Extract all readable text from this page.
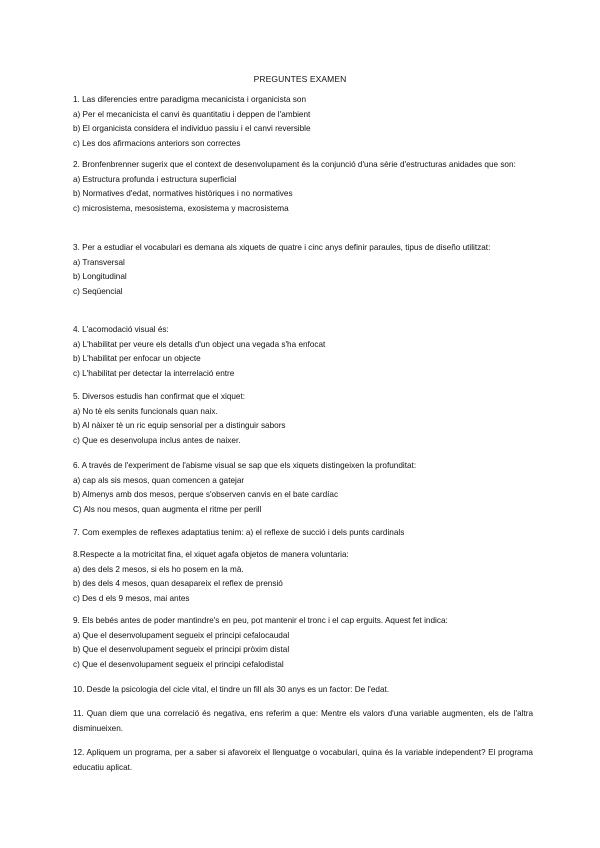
PREGUNTES EXAMEN
1. Las diferencies entre paradigma mecanicista i organicista son
a) Per el mecanicista el canvi ès quantitatiu i deppen de l'ambient
b) El organicista considera el individuo passiu i el canvi reversible
c) Les dos afirmacions anteriors son correctes
2. Bronfenbrenner sugerix que el context de desenvolupament és la conjunció d'una sèrie d'estructuras anidades que son:
a) Estructura profunda i estructura superficial
b) Normatives d'edat, normatives històriques i no normatives
c) microsistema, mesosistema, exosistema y macrosistema
3. Per a estudiar el vocabulari es demana als xiquets de quatre i cinc anys definir paraules, tipus de diseño utilitzat:
a) Transversal
b) Longitudinal
c) Seqüencial
4. L'acomodació visual és:
a) L'habilitat per veure els detalls d'un object una vegada s'ha enfocat
b) L'habilitat per enfocar un objecte
c) L'habilitat per detectar la interrelació entre
5. Diversos estudis han confirmat que el xiquet:
a) No tè els senits funcionals quan naix.
b) Al nàixer tè un ric equip sensorial per a distinguir sabors
c) Que es desenvolupa inclus antes de naixer.
6. A través de l'experiment de l'abisme visual se sap que els xiquets distingeixen la profunditat:
a) cap als sis mesos, quan comencen a gatejar
b) Almenys amb dos mesos, perque s'observen canvis en el bate cardíac
C) Als nou mesos, quan augmenta el ritme per perill
7. Com exemples de reflexes adaptatius tenim: a) el reflexe de succió i dels punts cardinals
8.Respecte a la motricitat fina, el xiquet agafa objetos de manera voluntaria:
a) des dels 2 mesos, si els ho posem en la mà.
b) des dels 4 mesos, quan desapareix el reflex de prensió
c) Des d els 9 mesos, mai antes
9. Els bebés antes de poder mantindre's en peu, pot mantenir el tronc i el cap erguits. Aquest fet indica:
a) Que el desenvolupament segueix el principi cefalocaudal
b) Que el desenvolupament segueix el principi pròxim distal
c) Que el desenvolupament segueix el principi cefalodistal
10. Desde la psicologia del cicle vital, el tindre un fill als 30 anys es un factor: De l'edat.
11. Quan diem que una correlació és negativa, ens referim a que: Mentre els valors d'una variable augmenten, els de l'altra disminueixen.
12. Apliquem un programa, per a saber si afavoreix el llenguatge o vocabulari, quina és la variable independent? El programa educatiu aplicat.
